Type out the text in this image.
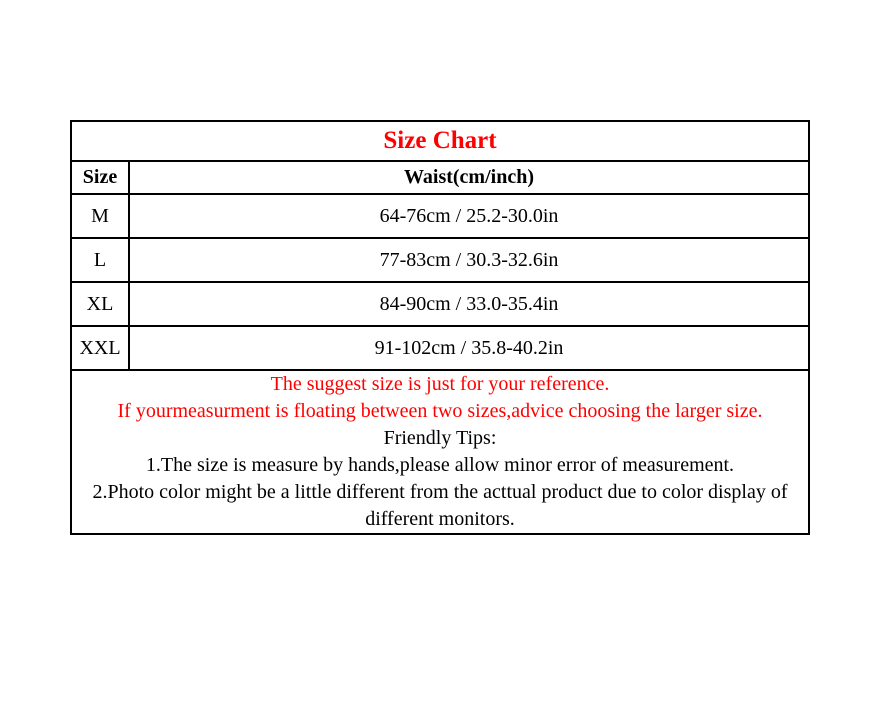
Size Chart	
Size	Waist(cm/inch)
M	64-76cm / 25.2-30.0in
L	77-83cm / 30.3-32.6in
XL	84-90cm / 33.0-35.4in
XXL	91-102cm / 35.8-40.2in

The suggest size is just for your reference.

If yourmeasurment is floating between two sizes,advice choosing the larger size.

Friendly Tips:

1.The size is measure by hands,please allow minor error of measurement.

2.Photo color might be a little different from the acttual product due to color display of different monitors.	
